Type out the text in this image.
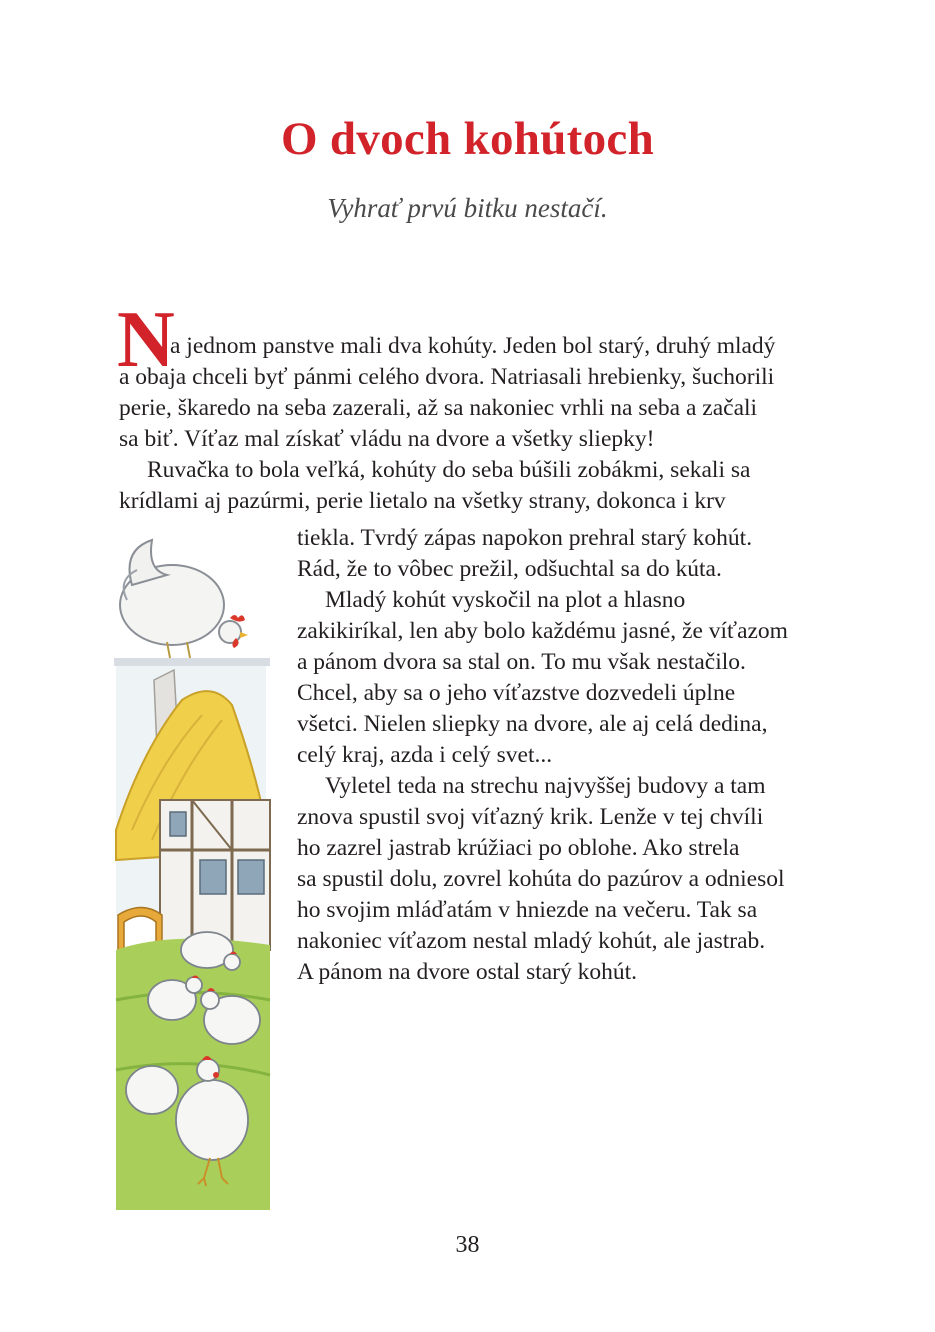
O dvoch kohútoch
Vyhrať prvú bitku nestačí.
N
a jednom panstve mali dva kohúty. Jeden bol starý, druhý mladý
a obaja chceli byť pánmi celého dvora. Natriasali hrebienky, šuchorili
perie, škaredo na seba zazerali, až sa nakoniec vrhli na seba a začali
sa biť. Víťaz mal získať vládu na dvore a všetky sliepky!
Ruvačka to bola veľká, kohúty do seba búšili zobákmi, sekali sa
krídlami aj pazúrmi, perie lietalo na všetky strany, dokonca i krv
tiekla. Tvrdý zápas napokon prehral starý kohút.
Rád, že to vôbec prežil, odšuchtal sa do kúta.
Mladý kohút vyskočil na plot a hlasno
zakikiríkal, len aby bolo každému jasné, že víťazom
a pánom dvora sa stal on. To mu však nestačilo.
Chcel, aby sa o jeho víťazstve dozvedeli úplne
všetci. Nielen sliepky na dvore, ale aj celá dedina,
celý kraj, azda i celý svet...
Vyletel teda na strechu najvyššej budovy a tam
znova spustil svoj víťazný krik. Lenže v tej chvíli
ho zazrel jastrab krúžiaci po oblohe. Ako strela
sa spustil dolu, zovrel kohúta do pazúrov a odniesol
ho svojim mláďatám v hniezde na večeru. Tak sa
nakoniec víťazom nestal mladý kohút, ale jastrab.
A pánom na dvore ostal starý kohút.
38
